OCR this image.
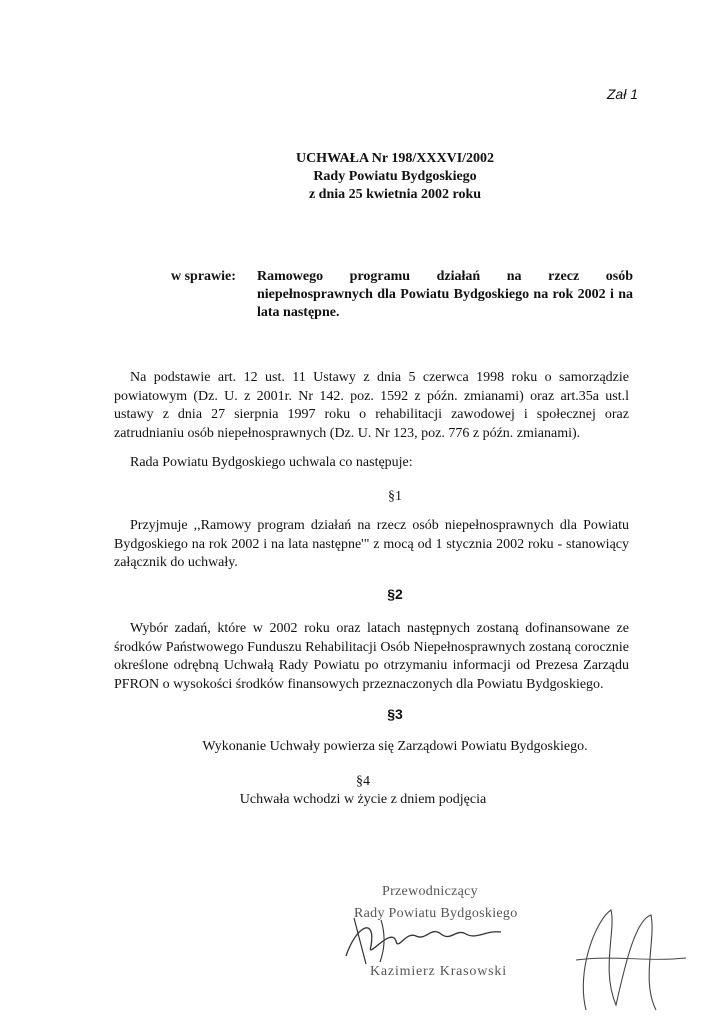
Zał 1
UCHWAŁA Nr 198/XXXVI/2002
Rady Powiatu Bydgoskiego
z dnia 25 kwietnia 2002 roku
w sprawie: Ramowego programu działań na rzecz osób niepełnosprawnych dla Powiatu Bydgoskiego na rok 2002 i na lata następne.
Na podstawie art. 12 ust. 11 Ustawy z dnia 5 czerwca 1998 roku o samorządzie powiatowym (Dz. U. z 2001r. Nr 142. poz. 1592 z późn. zmianami) oraz art.35a ust.l ustawy z dnia 27 sierpnia 1997 roku o rehabilitacji zawodowej i społecznej oraz zatrudnianiu osób niepełnosprawnych (Dz. U. Nr 123, poz. 776 z późn. zmianami).
Rada Powiatu Bydgoskiego uchwala co następuje:
§1
Przyjmuje ,,Ramowy program działań na rzecz osób niepełnosprawnych dla Powiatu Bydgoskiego na rok 2002 i na lata następne'" z mocą od 1 stycznia 2002 roku - stanowiący załącznik do uchwały.
§2
Wybór zadań, które w 2002 roku oraz latach następnych zostaną dofinansowane ze środków Państwowego Funduszu Rehabilitacji Osób Niepełnosprawnych zostaną corocznie określone odrębną Uchwałą Rady Powiatu po otrzymaniu informacji od Prezesa Zarządu PFRON o wysokości środków finansowych przeznaczonych dla Powiatu Bydgoskiego.
§3
Wykonanie Uchwały powierza się Zarządowi Powiatu Bydgoskiego.
§4
Uchwała wchodzi w życie z dniem podjęcia
Przewodniczący
Rady Powiatu Bydgoskiego
Kazimierz Krasowski
